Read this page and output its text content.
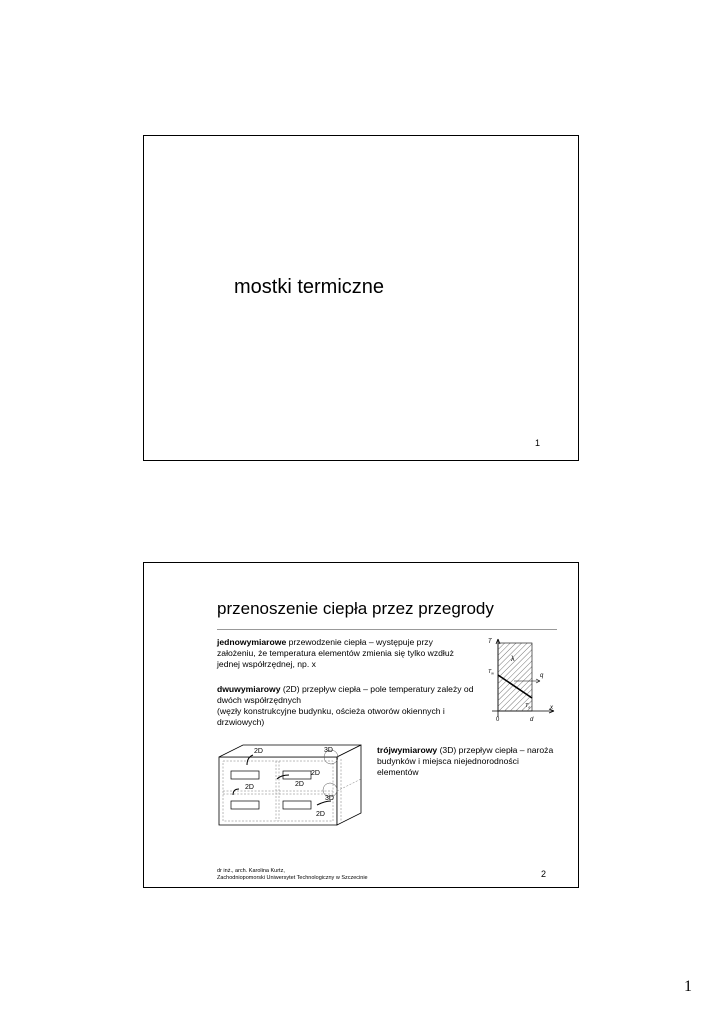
mostki termiczne
1
przenoszenie ciepła przez przegrody
jednowymiarowe przewodzenie ciepła – występuje przy założeniu, że temperatura elementów zmienia się tylko wzdłuż jednej współrzędnej, np. x
dwuwymiarowy (2D) przepływ ciepła – pole temperatury zależy od dwóch współrzędnych
(węzły konstrukcyjne budynku, ościeża otworów okiennych i drzwiowych)
T
x
λ
q
$T_w$
$T_e$
0	d
2D	3D
2D
2D	2D
3D
2D
trójwymiarowy (3D) przepływ ciepła – naroża budynków i miejsca niejednorodności elementów
dr inż., arch. Karolina Kurtz,
Zachodniopomorski Uniwersytet Technologiczny w Szczecinie	2
1
